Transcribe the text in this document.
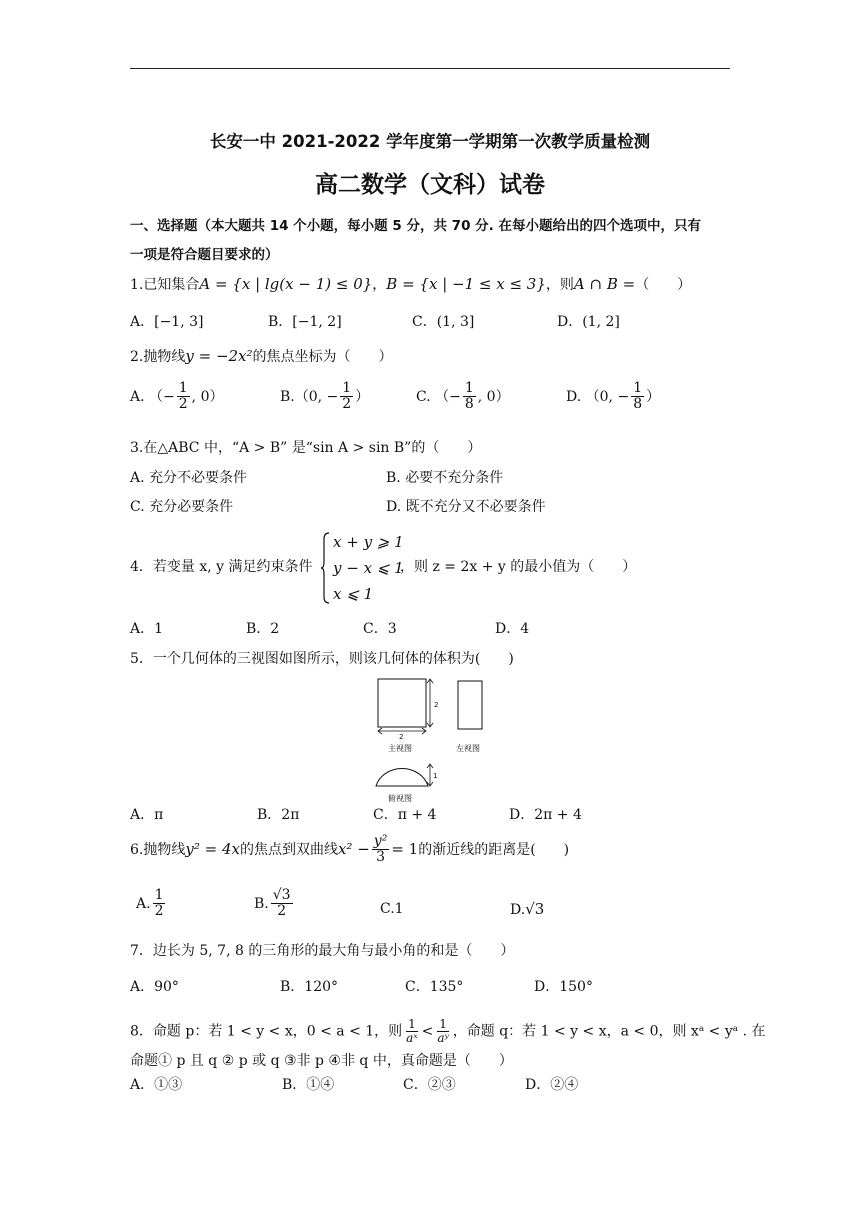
长安一中 2021-2022 学年度第一学期第一次教学质量检测
高二数学（文科）试卷
一、选择题（本大题共 14 个小题，每小题 5 分，共 70 分. 在每小题给出的四个选项中，只有
一项是符合题目要求的）
1.已知集合A = {x | lg(x − 1) ≤ 0}，B = {x | −1 ≤ x ≤ 3}，则A ∩ B =（　　）
A．[−1, 3]	B．[−1, 2]	C．(1, 3]	D．(1, 2]
2.抛物线y = −2x²的焦点坐标为（　　）
A. （− $\frac{1}{2}$ , 0）	B.（0, − $\frac{1}{2}$ ）	C. （− $\frac{1}{8}$ , 0）	D. （0, − $\frac{1}{8}$ ）
3.在△ABC 中，“A > B” 是“sin A > sin B”的（　　）
A. 充分不必要条件	B. 必要不充分条件
C. 充分必要条件	D. 既不充分又不必要条件
4．若变量 x, y 满足约束条件
x + y ⩾ 1
y − x ⩽ 1
x ⩽ 1
，则 z = 2x + y 的最小值为（　　）
A．1	B．2	C．3	D．4
5．一个几何体的三视图如图所示，则该几何体的体积为(　　)
2
2
主视图	左视图
1
俯视图
A．π	B．2π	C．π + 4	D．2π + 4
6.抛物线y² = 4x的焦点到双曲线$x^2 - \frac{\text{y²}}{3} = 1$的渐近线的距离是(　　)
A. $\frac{1}{2}$	B. $\frac{√3}{2}$	C.1	D.√3
7．边长为 5, 7, 8 的三角形的最大角与最小角的和是（　　）
A．90°	B．120°	C．135°	D．150°
8．命题 p：若 1 < y < x，0 < a < 1，则 $\frac{1}{\text{aˣ}} < \frac{1}{\text{aʸ}}$ ，命题 q：若 1 < y < x，a < 0，则 xᵃ < yᵃ . 在
命题① p 且 q ② p 或 q ③非 p ④非 q 中，真命题是（　　）
A．①③	B．①④	C．②③	D．②④
